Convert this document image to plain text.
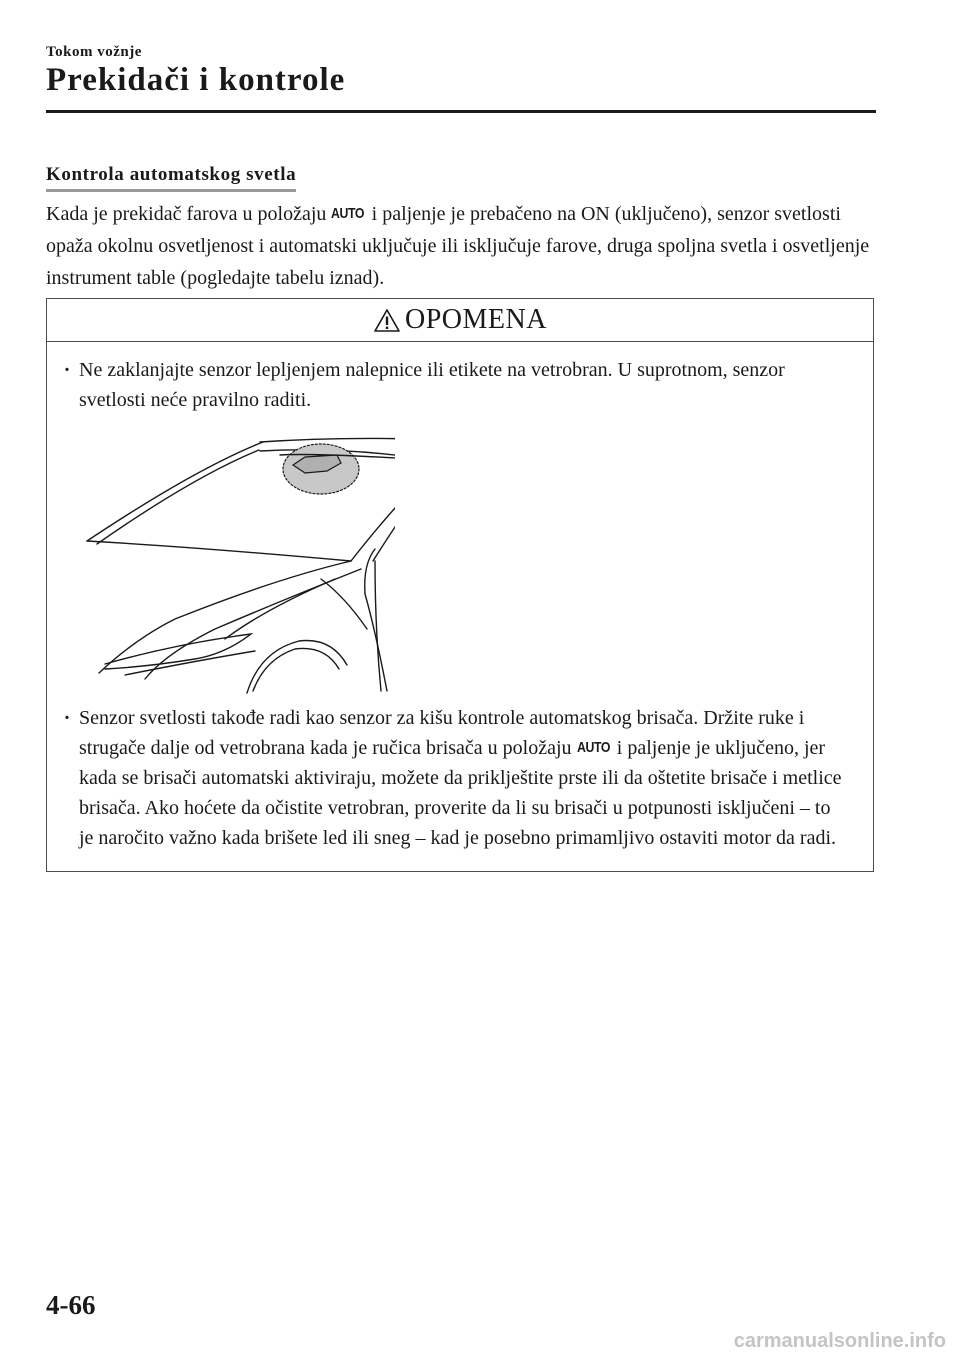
Tokom vožnje
Prekidači i kontrole
Kontrola automatskog svetla
Kada je prekidač farova u položaju AUTO i paljenje je prebačeno na ON (uključeno), senzor svetlosti opaža okolnu osvetljenost i automatski uključuje ili isključuje farove, druga spoljna svetla i osvetljenje instrument table (pogledajte tabelu iznad).
OPOMENA
· Ne zaklanjajte senzor lepljenjem nalepnice ili etikete na vetrobran. U suprotnom, senzor svetlosti neće pravilno raditi.
· Senzor svetlosti takođe radi kao senzor za kišu kontrole automatskog brisača. Držite ruke i strugače dalje od vetrobrana kada je ručica brisača u položaju AUTO i paljenje je uključeno, jer kada se brisači automatski aktiviraju, možete da priklještite prste ili da oštetite brisače i metlice brisača. Ako hoćete da očistite vetrobran, proverite da li su brisači u potpunosti isključeni – to je naročito važno kada brišete led ili sneg – kad je posebno primamljivo ostaviti motor da radi.
4-66
carmanualsonline.info
